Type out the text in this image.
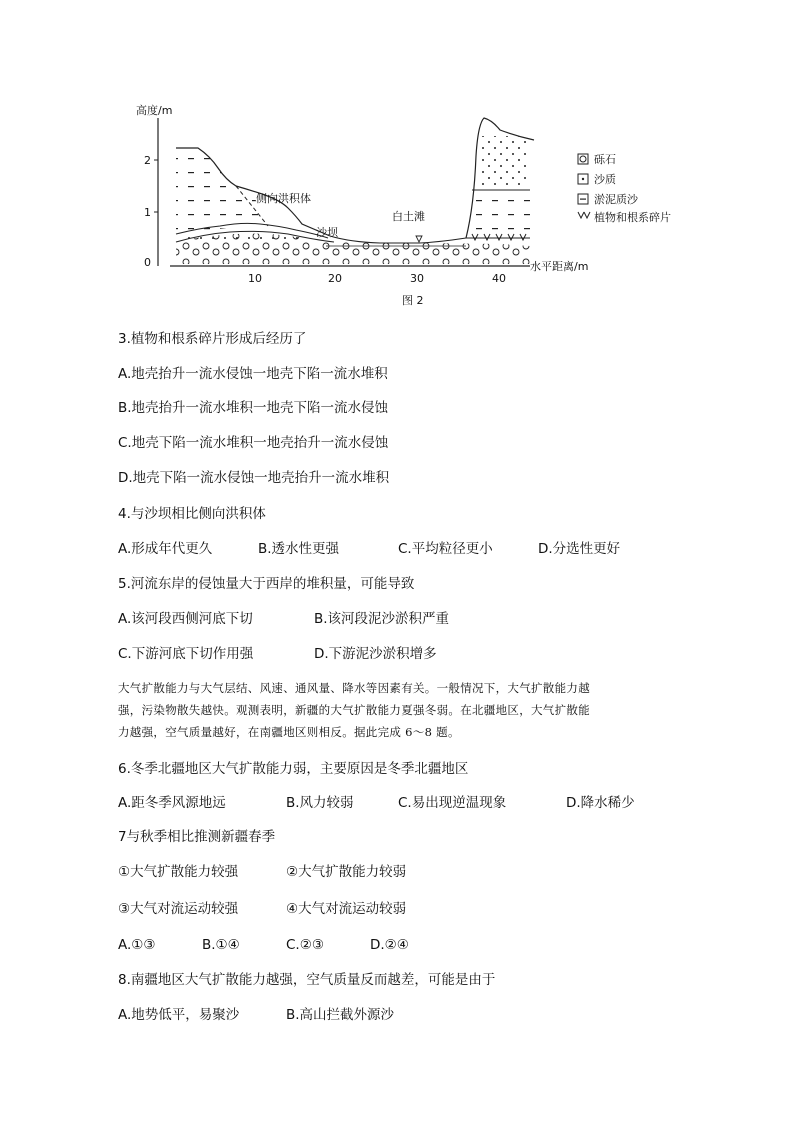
高度/m
0
1
2
10	20	30	40
水平距离/m
侧向洪积体
沙坝
白土滩
砾石
沙质
淤泥质沙
植物和根系碎片
图 2
3.植物和根系碎片形成后经历了
A.地壳抬升一流水侵蚀一地壳下陷一流水堆积
B.地壳抬升一流水堆积一地壳下陷一流水侵蚀
C.地壳下陷一流水堆积一地壳抬升一流水侵蚀
D.地壳下陷一流水侵蚀一地壳抬升一流水堆积
4.与沙坝相比侧向洪积体
A.形成年代更久	B.透水性更强	C.平均粒径更小	D.分选性更好
5.河流东岸的侵蚀量大于西岸的堆积量，可能导致
A.该河段西侧河底下切	B.该河段泥沙淤积严重
C.下游河底下切作用强	D.下游泥沙淤积增多
大气扩散能力与大气层结、风速、通风量、降水等因素有关。一般情况下，大气扩散能力越
强，污染物散失越快。观测表明，新疆的大气扩散能力夏强冬弱。在北疆地区，大气扩散能
力越强，空气质量越好，在南疆地区则相反。据此完成 6～8 题。
6.冬季北疆地区大气扩散能力弱，主要原因是冬季北疆地区
A.距冬季风源地远	B.风力较弱	C.易出现逆温现象	D.降水稀少
7与秋季相比推测新疆春季
①大气扩散能力较强	②大气扩散能力较弱
③大气对流运动较强	④大气对流运动较弱
A.①③	B.①④	C.②③	D.②④
8.南疆地区大气扩散能力越强，空气质量反而越差，可能是由于
A.地势低平，易聚沙	B.高山拦截外源沙
